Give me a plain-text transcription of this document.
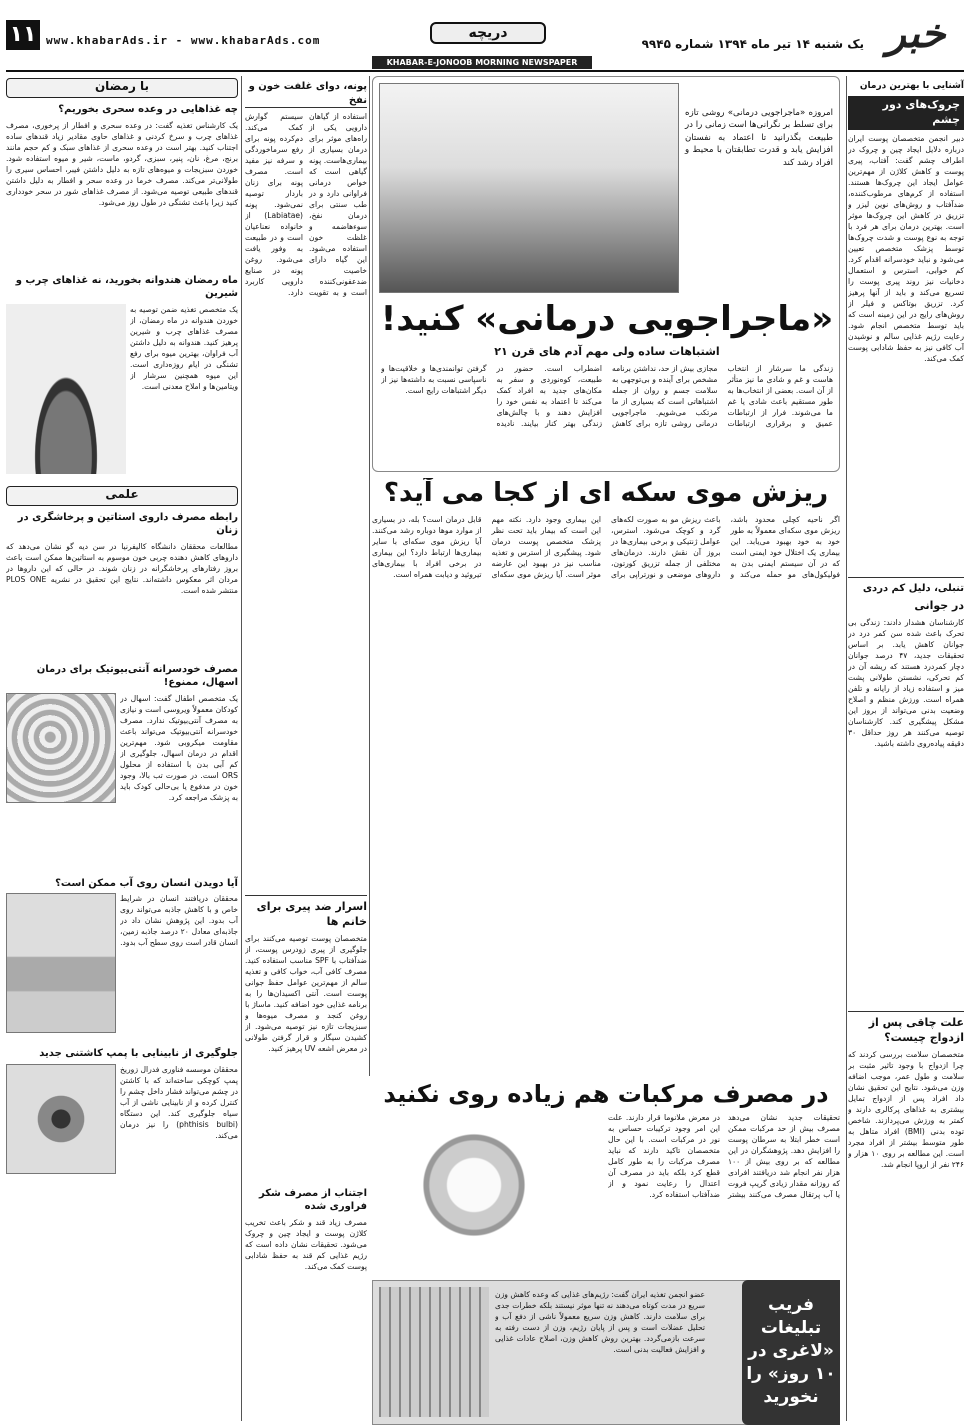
۱۱ www.khabarAds.ir - www.khabarAds.com	دریچه
یک شنبه ۱۴ تیر ماه ۱۳۹۴ شماره ۹۹۴۵ خبر
KHABAR-E-JONOOB MORNING NEWSPAPER
آشنایی با بهترین درمان
چروک‌های دور چشم
دبیر انجمن متخصصان پوست ایران درباره دلایل ایجاد چین و چروک در اطراف چشم گفت: آفتاب، پیری پوست و کاهش کلاژن از مهم‌ترین عوامل ایجاد این چروک‌ها هستند. استفاده از کرم‌های مرطوب‌کننده، ضدآفتاب و روش‌های نوین لیزر و تزریق در کاهش این چروک‌ها موثر است. بهترین درمان برای هر فرد با توجه به نوع پوست و شدت چروک‌ها توسط پزشک متخصص تعیین می‌شود و نباید خودسرانه اقدام کرد. کم خوابی، استرس و استعمال دخانیات نیز روند پیری پوست را تسریع می‌کند و باید از آنها پرهیز کرد. تزریق بوتاکس و فیلر از روش‌های رایج در این زمینه است که باید توسط متخصص انجام شود. رعایت رژیم غذایی سالم و نوشیدن آب کافی نیز به حفظ شادابی پوست کمک می‌کند.
تنبلی، دلیل کم دردی
در جوانی
کارشناسان هشدار دادند: زندگی بی تحرک باعث شده سن کمر درد در جوانان کاهش یابد. بر اساس تحقیقات جدید، ۴۷ درصد جوانان دچار کمردرد هستند که ریشه آن در کم تحرکی، نشستن طولانی پشت میز و استفاده زیاد از رایانه و تلفن همراه است. ورزش منظم و اصلاح وضعیت بدنی می‌تواند از بروز این مشکل پیشگیری کند. کارشناسان توصیه می‌کنند هر روز حداقل ۳۰ دقیقه پیاده‌روی داشته باشید.
علت چاقی پس از ازدواج چیست؟
متخصصان سلامت بررسی کردند که چرا ازدواج با وجود تاثیر مثبت بر سلامت و طول عمر، موجب اضافه وزن می‌شود. نتایج این تحقیق نشان داد افراد پس از ازدواج تمایل بیشتری به غذاهای پرکالری دارند و کمتر به ورزش می‌پردازند. شاخص توده بدنی (BMI) افراد متاهل به طور متوسط بیشتر از افراد مجرد است. این مطالعه بر روی ۱۰ هزار و ۲۴۶ نفر از اروپا انجام شد.
امروزه «ماجراجویی درمانی» روشی تازه برای تسلط بر نگرانی‌ها است زمانی را در طبیعت بگذرانید تا اعتماد به نفستان افزایش یابد و قدرت تطابقتان با محیط و افراد رشد کند
«ماجراجویی درمانی» کنید!
اشتباهات ساده ولی مهم آدم های قرن ۲۱
زندگی ما سرشار از انتخاب هاست و غم و شادی ما نیز متأثر از آن است. بعضی از انتخاب‌ها به طور مستقیم باعث شادی یا غم ما می‌شوند. فرار از ارتباطات عمیق و برقراری ارتباطات مجازی بیش از حد، نداشتن برنامه مشخص برای آینده و بی‌توجهی به سلامت جسم و روان از جمله اشتباهاتی است که بسیاری از ما مرتکب می‌شویم. ماجراجویی درمانی روشی تازه برای کاهش اضطراب است. حضور در طبیعت، کوه‌نوردی و سفر به مکان‌های جدید به افراد کمک می‌کند تا اعتماد به نفس خود را افزایش دهند و با چالش‌های زندگی بهتر کنار بیایند. نادیده گرفتن توانمندی‌ها و خلاقیت‌ها و ناسپاسی نسبت به داشته‌ها نیز از دیگر اشتباهات رایج است.
ریزش موی سکه ای از کجا می آید؟
اگر ناحیه کچلی محدود باشد، ریزش موی سکه‌ای معمولاً به طور خود به خود بهبود می‌یابد. این بیماری یک اختلال خود ایمنی است که در آن سیستم ایمنی بدن به فولیکول‌های مو حمله می‌کند و باعث ریزش مو به صورت لکه‌های گرد و کوچک می‌شود. استرس، عوامل ژنتیکی و برخی بیماری‌ها در بروز آن نقش دارند. درمان‌های مختلفی از جمله تزریق کورتون، داروهای موضعی و نورتراپی برای این بیماری وجود دارد. نکته مهم این است که بیمار باید تحت نظر پزشک متخصص پوست درمان شود. پیشگیری از استرس و تغذیه مناسب نیز در بهبود این عارضه موثر است. آیا ریزش موی سکه‌ای قابل درمان است؟ بله، در بسیاری از موارد موها دوباره رشد می‌کنند. آیا ریزش موی سکه‌ای با سایر بیماری‌ها ارتباط دارد؟ این بیماری در برخی افراد با بیماری‌های تیروئید و دیابت همراه است.
پونه، دوای غلفت خون و نفخ
استفاده از گیاهان دارویی یکی از راه‌های موثر برای درمان بسیاری از بیماری‌هاست. پونه گیاهی است که خواص درمانی فراوانی دارد و در طب سنتی برای درمان نفخ، سوءهاضمه و غلظت خون استفاده می‌شود. این گیاه دارای خاصیت ضدعفونی‌کننده است و به تقویت سیستم گوارش کمک می‌کند. دم‌کرده پونه برای رفع سرماخوردگی و سرفه نیز مفید است. مصرف پونه برای زنان باردار توصیه نمی‌شود. پونه (Labiatae) از خانواده نعناعیان است و در طبیعت به وفور یافت می‌شود. روغن پونه در صنایع دارویی کاربرد دارد.
اسرار ضد پیری برای خانم ها
متخصصان پوست توصیه می‌کنند برای جلوگیری از پیری زودرس پوست، از ضدآفتاب با SPF مناسب استفاده کنید. مصرف کافی آب، خواب کافی و تغذیه سالم از مهم‌ترین عوامل حفظ جوانی پوست است. آنتی اکسیدان‌ها را به برنامه غذایی خود اضافه کنید. ماساژ با روغن کنجد و مصرف میوه‌ها و سبزیجات تازه نیز توصیه می‌شود. از کشیدن سیگار و قرار گرفتن طولانی در معرض اشعه UV پرهیز کنید.
اجتناب از مصرف شکر فراوری شده
مصرف زیاد قند و شکر باعث تخریب کلاژن پوست و ایجاد چین و چروک می‌شود. تحقیقات نشان داده است که رژیم غذایی کم قند به حفظ شادابی پوست کمک می‌کند.
در مصرف مرکبات هم زیاده روی نکنید
تحقیقات جدید نشان می‌دهد مصرف بیش از حد مرکبات ممکن است خطر ابتلا به سرطان پوست را افزایش دهد. پژوهشگران در این مطالعه که بر روی بیش از ۱۰۰ هزار نفر انجام شد دریافتند افرادی که روزانه مقدار زیادی گریپ فروت یا آب پرتقال مصرف می‌کنند بیشتر در معرض ملانوما قرار دارند. علت این امر وجود ترکیبات حساس به نور در مرکبات است. با این حال متخصصان تاکید دارند که نباید مصرف مرکبات را به طور کامل قطع کرد بلکه باید در مصرف آن اعتدال را رعایت نمود و از ضدآفتاب استفاده کرد.
عضو انجمن تغذیه ایران گفت: رژیم‌های غذایی که وعده کاهش وزن سریع در مدت کوتاه می‌دهند نه تنها موثر نیستند بلکه خطرات جدی برای سلامت دارند. کاهش وزن سریع معمولاً ناشی از دفع آب و تحلیل عضلات است و پس از پایان رژیم، وزن از دست رفته به سرعت بازمی‌گردد. بهترین روش کاهش وزن، اصلاح عادات غذایی و افزایش فعالیت بدنی است.
فریب تبلیغات «لاغری در ۱۰ روز» را نخورید
با رمضان
چه غذاهایی در وعده سحری بخوریم؟
یک کارشناس تغذیه گفت: در وعده سحری و افطار از پرخوری، مصرف غذاهای چرب و سرخ کردنی و غذاهای حاوی مقادیر زیاد قندهای ساده اجتناب کنید. بهتر است در وعده سحری از غذاهای سبک و کم حجم مانند برنج، مرغ، نان، پنیر، سبزی، گردو، ماست، شیر و میوه استفاده شود. خوردن سبزیجات و میوه‌های تازه به دلیل داشتن فیبر، احساس سیری را طولانی‌تر می‌کند. مصرف خرما در وعده سحر و افطار به دلیل داشتن قندهای طبیعی توصیه می‌شود. از مصرف غذاهای شور در سحر خودداری کنید زیرا باعث تشنگی در طول روز می‌شود.
ماه رمضان هندوانه بخورید، نه غذاهای چرب و شیرین
یک متخصص تغذیه ضمن توصیه به خوردن هندوانه در ماه رمضان، از مصرف غذاهای چرب و شیرین پرهیز کنید. هندوانه به دلیل داشتن آب فراوان، بهترین میوه برای رفع تشنگی در ایام روزه‌داری است. این میوه همچنین سرشار از ویتامین‌ها و املاح معدنی است.
علمی
رابطه مصرف داروی استاتین و پرخاشگری در زنان
مطالعات محققان دانشگاه کالیفرنیا در سن دیه گو نشان می‌دهد که داروهای کاهش دهنده چربی خون موسوم به استاتین‌ها ممکن است باعث بروز رفتارهای پرخاشگرانه در زنان شوند. در حالی که این داروها در مردان اثر معکوس داشته‌اند. نتایج این تحقیق در نشریه PLOS ONE منتشر شده است.
مصرف خودسرانه آنتی‌بیوتیک برای درمان اسهال، ممنوع!
یک متخصص اطفال گفت: اسهال در کودکان معمولاً ویروسی است و نیازی به مصرف آنتی‌بیوتیک ندارد. مصرف خودسرانه آنتی‌بیوتیک می‌تواند باعث مقاومت میکروبی شود. مهم‌ترین اقدام در درمان اسهال، جلوگیری از کم آبی بدن با استفاده از محلول ORS است. در صورت تب بالا، وجود خون در مدفوع یا بی‌حالی کودک باید به پزشک مراجعه کرد.
آیا دویدن انسان روی آب ممکن است؟
محققان دریافتند انسان در شرایط خاص و با کاهش جاذبه می‌تواند روی آب بدود. این پژوهش نشان داد در جاذبه‌ای معادل ۲۰ درصد جاذبه زمین، انسان قادر است روی سطح آب بدود.
جلوگیری از نابینایی با پمپ کاشتنی جدید
محققان موسسه فناوری فدرال زوریخ پمپ کوچکی ساخته‌اند که با کاشتن در چشم می‌تواند فشار داخل چشم را کنترل کرده و از نابینایی ناشی از آب سیاه جلوگیری کند. این دستگاه (phthisis bulbi) را نیز درمان می‌کند.
